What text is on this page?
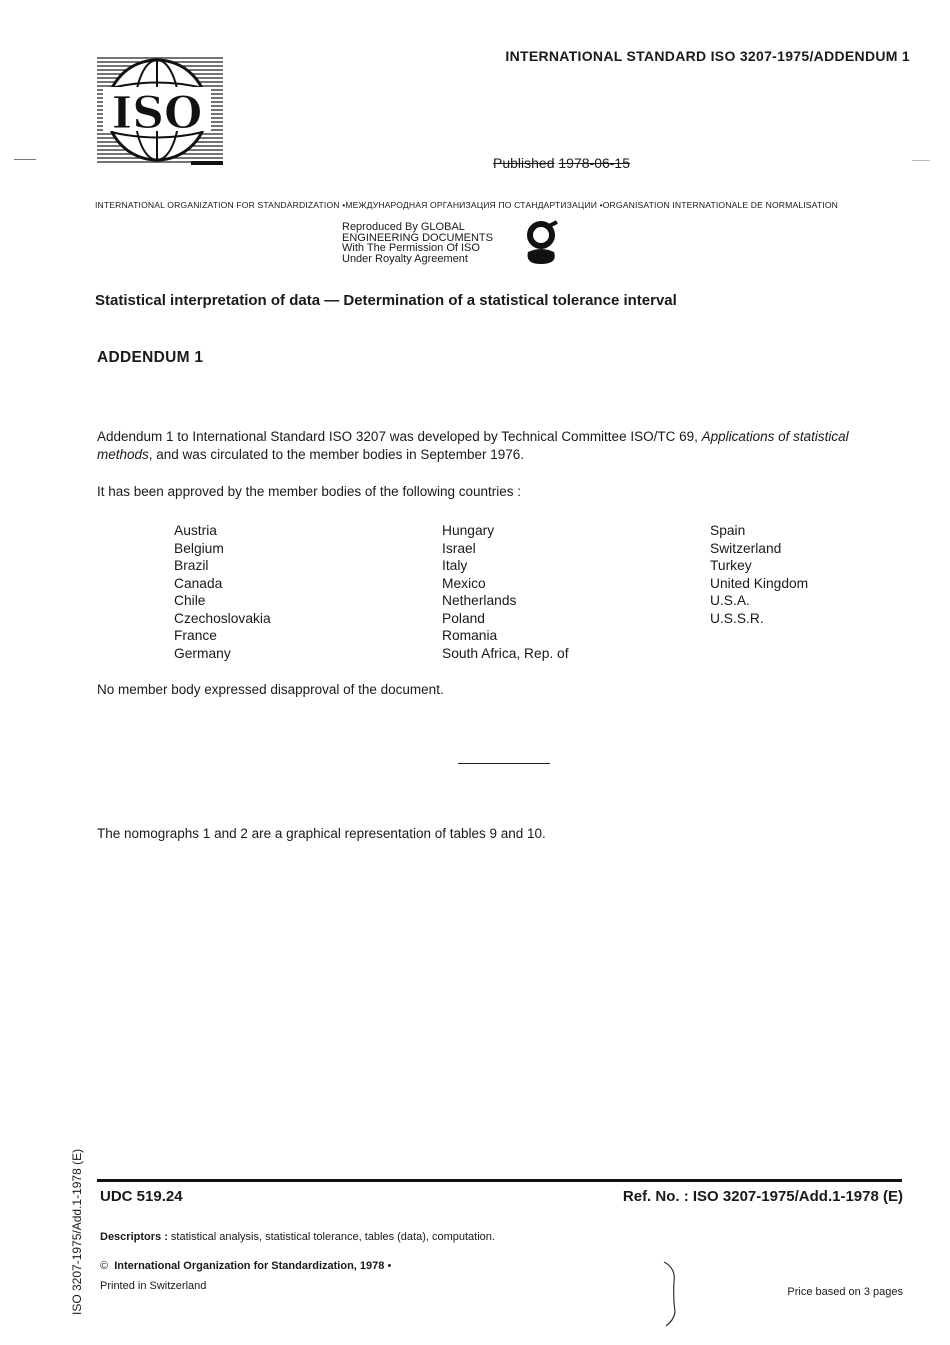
ISO
INTERNATIONAL STANDARD ISO 3207-1975/ADDENDUM 1
Published 1978-06-15
INTERNATIONAL ORGANIZATION FOR STANDARDIZATION •МЕЖДУНАРОДНАЯ ОРГАНИЗАЦИЯ ПО СТАНДАРТИЗАЦИИ •ORGANISATION INTERNATIONALE DE NORMALISATION
Reproduced By GLOBAL
ENGINEERING DOCUMENTS
With The Permission Of ISO
Under Royalty Agreement
Statistical interpretation of data — Determination of a statistical tolerance interval
ADDENDUM 1
Addendum 1 to International Standard ISO 3207 was developed by Technical Committee ISO/TC 69, Applications of statistical methods, and was circulated to the member bodies in September 1976.
It has been approved by the member bodies of the following countries :
Austria
Belgium
Brazil
Canada
Chile
Czechoslovakia
France
Germany
Hungary
Israel
Italy
Mexico
Netherlands
Poland
Romania
South Africa, Rep. of
Spain
Switzerland
Turkey
United Kingdom
U.S.A.
U.S.S.R.
No member body expressed disapproval of the document.
The nomographs 1 and 2 are a graphical representation of tables 9 and 10.
UDC 519.24	Ref. No. : ISO 3207-1975/Add.1-1978 (E)
Descriptors : statistical analysis, statistical tolerance, tables (data), computation.
© International Organization for Standardization, 1978 •
Printed in Switzerland	Price based on 3 pages
ISO 3207-1975/Add.1-1978 (E)
